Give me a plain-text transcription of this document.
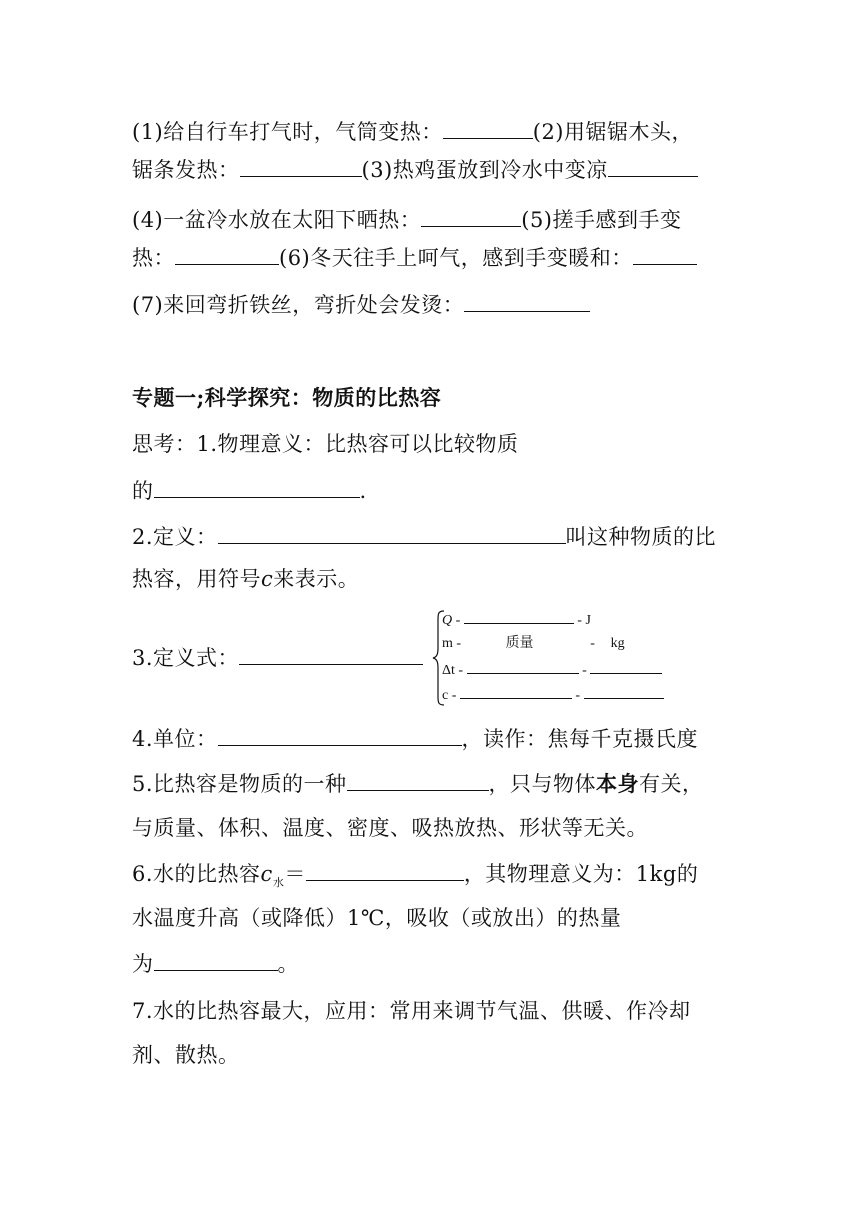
(1)给自行车打气时，气筒变热：	(2)用锯锯木头，
锯条发热：	(3)热鸡蛋放到冷水中变凉
(4)一盆冷水放在太阳下晒热：	(5)搓手感到手变
热：	(6)冬天往手上呵气，感到手变暖和：
(7)来回弯折铁丝，弯折处会发烫：
专题一;科学探究：物质的比热容
思考：1.物理意义：比热容可以比较物质
的	.
2.定义：	叫这种物质的比
热容，用符号c来表示。
3.定义式：
Q -	- J
m -	质量	- kg
Δt -	-
c -	-
4.单位：	，读作：焦每千克摄氏度
5.比热容是物质的一种	，只与物体本身有关，
与质量、体积、温度、密度、吸热放热、形状等无关。
6.水的比热容$c_水=$	，其物理意义为：1kg的
水温度升高（或降低）1℃，吸收（或放出）的热量
为	。
7.水的比热容最大，应用：常用来调节气温、供暖、作冷却
剂、散热。
